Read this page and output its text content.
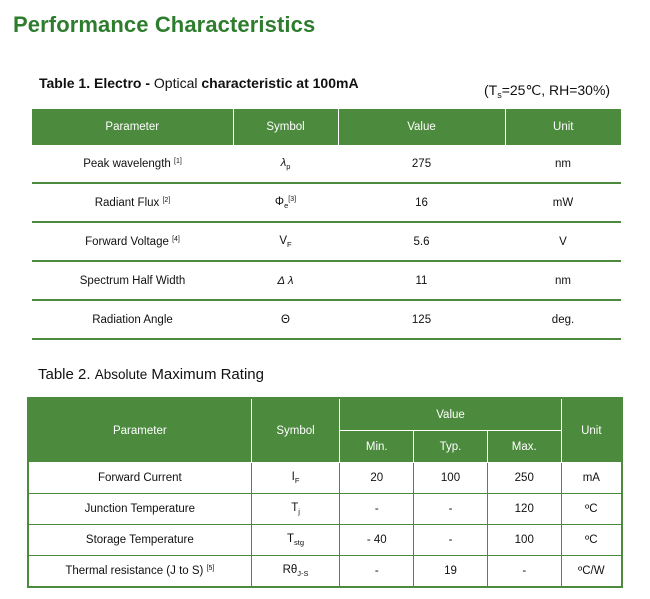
Performance Characteristics
Table 1. Electro - Optical characteristic at 100mA	($T_s=25℃$, RH=30%)
Parameter	Symbol	Value	Unit
Peak wavelength [1]	$\lambda_p$	275	nm
Radiant Flux [2]	$\Phi_e[3]$	16	mW
Forward Voltage [4]	$V_F$	5.6	V
Spectrum Half Width	Δ λ	11	nm
Radiation Angle	Θ	125	deg.
Table 2. Absolute Maximum Rating
Parameter	Symbol	Value			Unit
		Min.	Typ.	Max.	
Forward Current	$I_F$	20	100	250	mA
Junction Temperature	$T_j$	-	-	120	ºC
Storage Temperature	$T_{stg}$	- 40	-	100	ºC
Thermal resistance (J to S) [5]	$R\theta_{J-S}$	-	19	-	ºC/W
